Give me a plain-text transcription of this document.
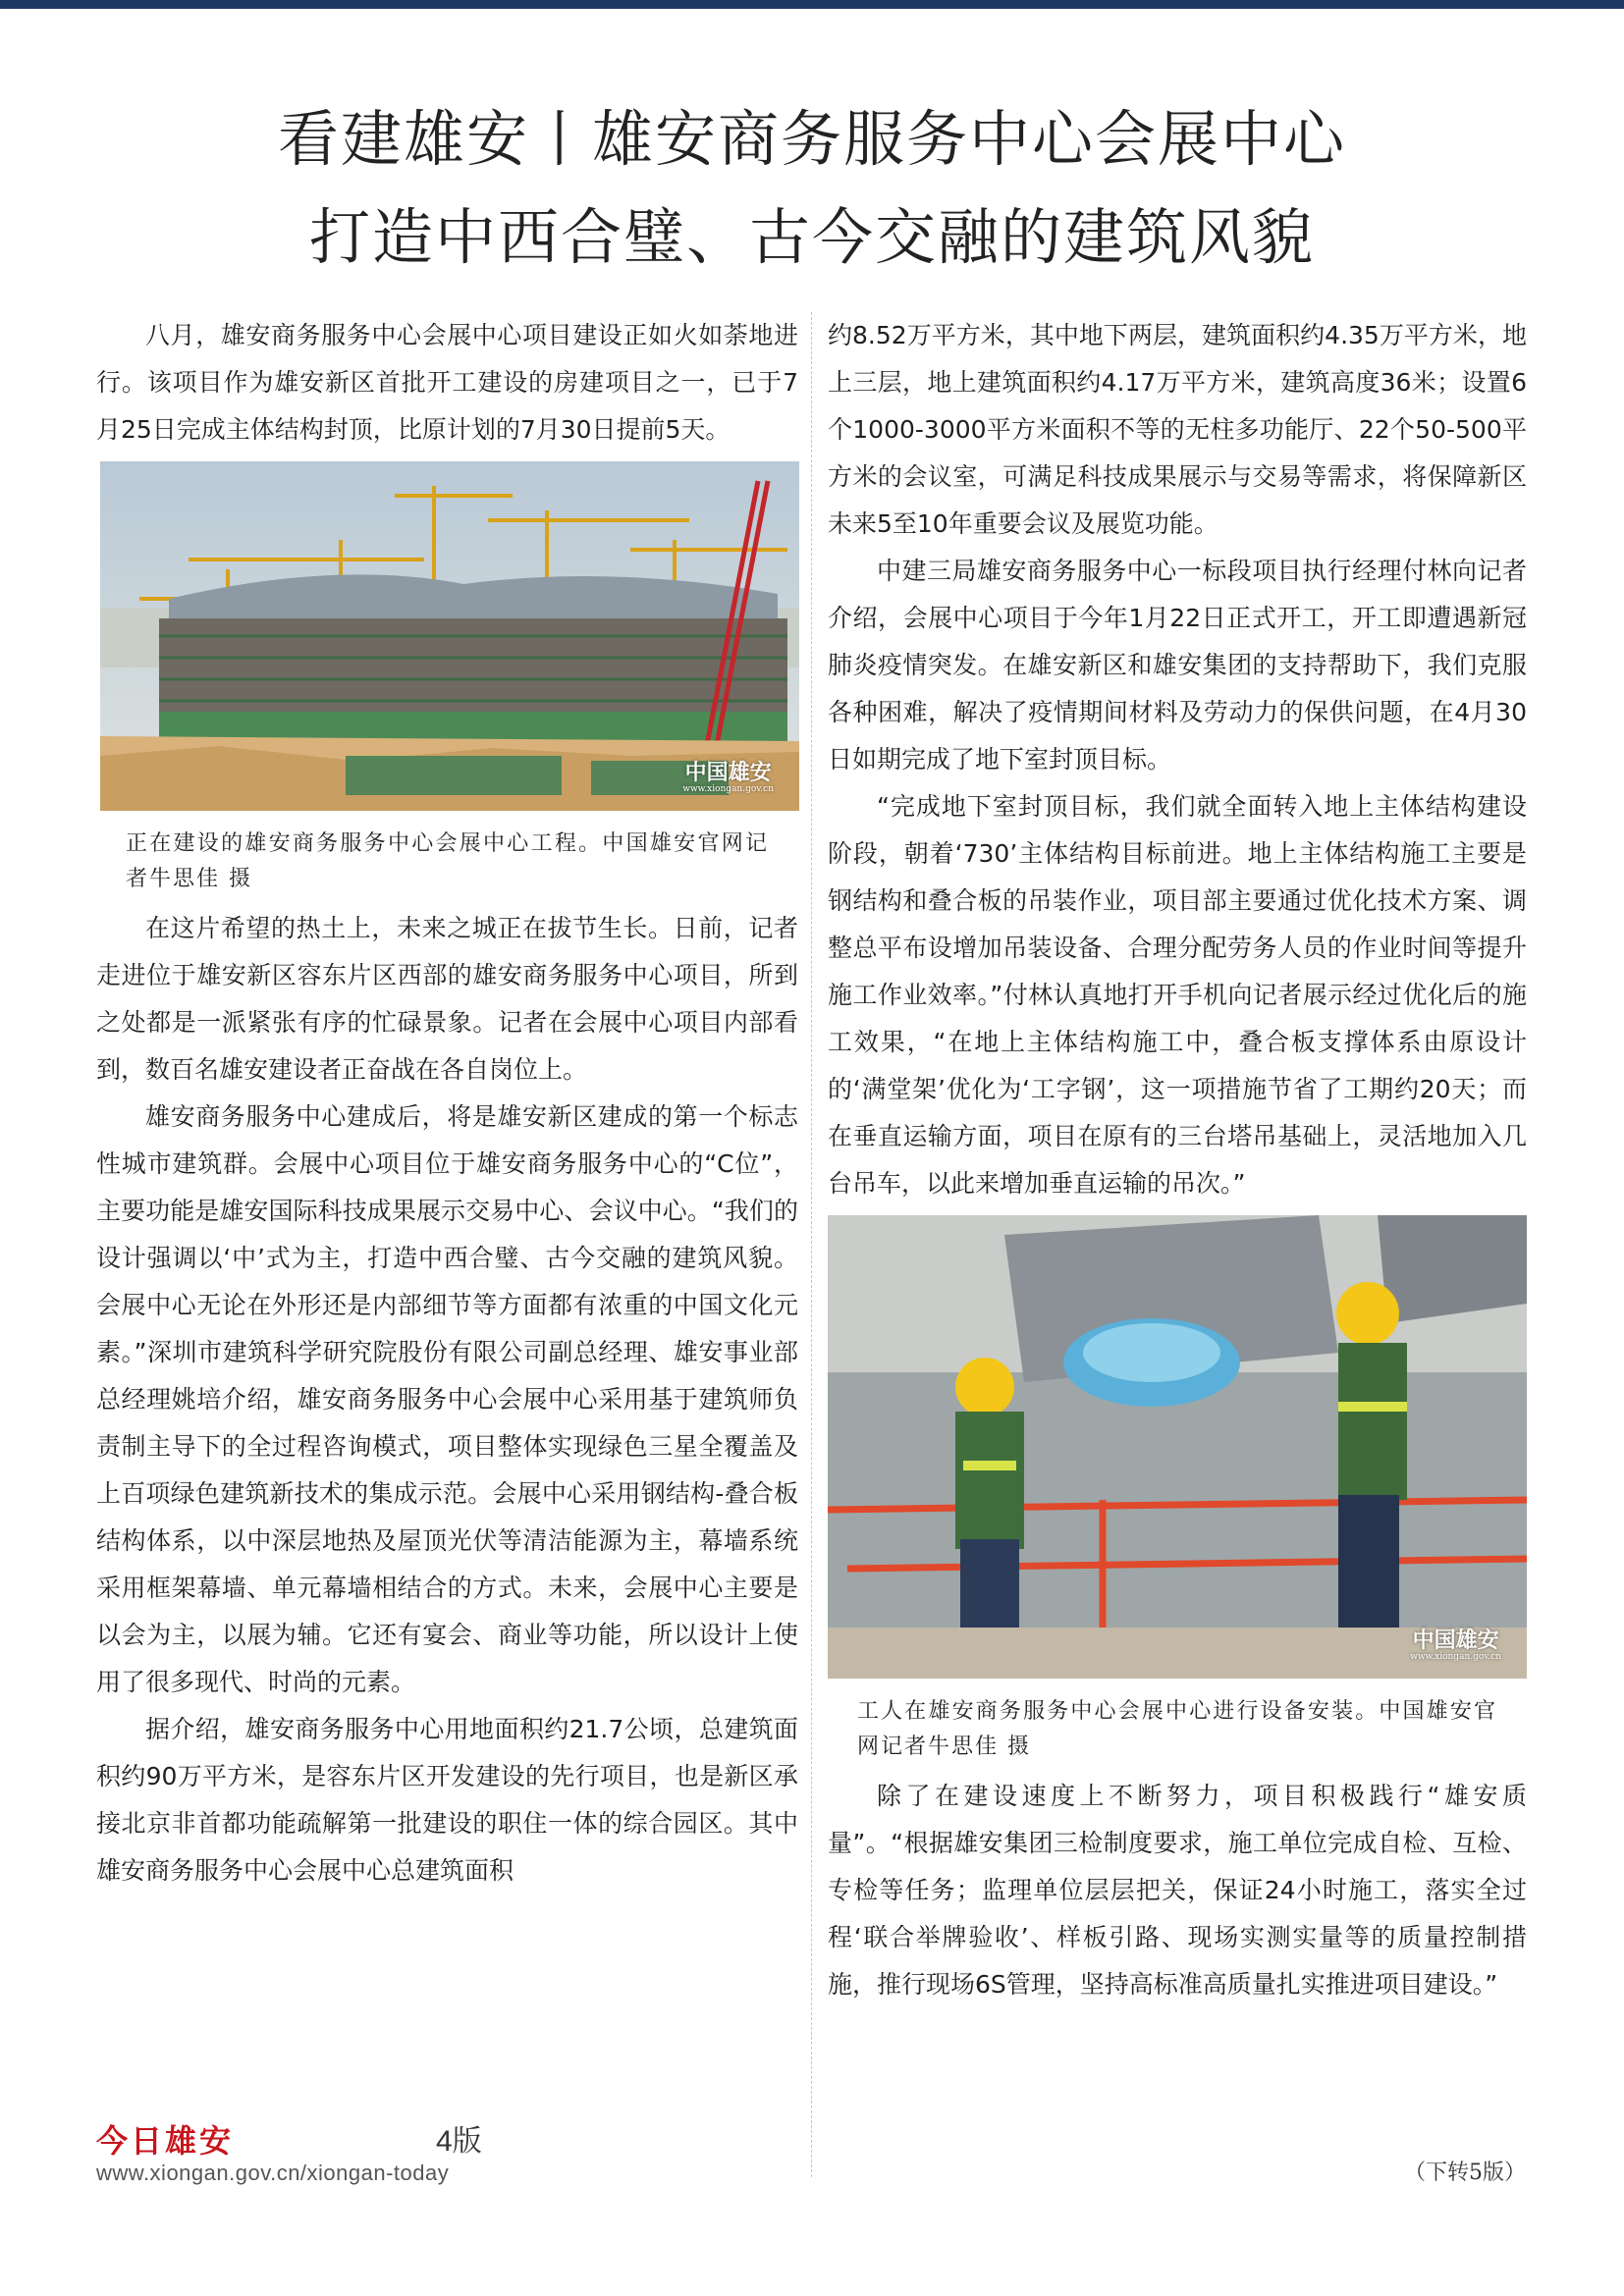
看建雄安丨雄安商务服务中心会展中心
打造中西合璧、古今交融的建筑风貌

八月，雄安商务服务中心会展中心项目建设正如火如荼地进行。该项目作为雄安新区首批开工建设的房建项目之一，已于7月25日完成主体结构封顶，比原计划的7月30日提前5天。

中国雄安
www.xiongan.gov.cn
正在建设的雄安商务服务中心会展中心工程。中国雄安官网记者牛思佳 摄

在这片希望的热土上，未来之城正在拔节生长。日前，记者走进位于雄安新区容东片区西部的雄安商务服务中心项目，所到之处都是一派紧张有序的忙碌景象。记者在会展中心项目内部看到，数百名雄安建设者正奋战在各自岗位上。

雄安商务服务中心建成后，将是雄安新区建成的第一个标志性城市建筑群。会展中心项目位于雄安商务服务中心的“C位”，主要功能是雄安国际科技成果展示交易中心、会议中心。“我们的设计强调以‘中’式为主，打造中西合璧、古今交融的建筑风貌。会展中心无论在外形还是内部细节等方面都有浓重的中国文化元素。”深圳市建筑科学研究院股份有限公司副总经理、雄安事业部总经理姚培介绍，雄安商务服务中心会展中心采用基于建筑师负责制主导下的全过程咨询模式，项目整体实现绿色三星全覆盖及上百项绿色建筑新技术的集成示范。会展中心采用钢结构-叠合板结构体系，以中深层地热及屋顶光伏等清洁能源为主，幕墙系统采用框架幕墙、单元幕墙相结合的方式。未来，会展中心主要是以会为主，以展为辅。它还有宴会、商业等功能，所以设计上使用了很多现代、时尚的元素。

据介绍，雄安商务服务中心用地面积约21.7公顷，总建筑面积约90万平方米，是容东片区开发建设的先行项目，也是新区承接北京非首都功能疏解第一批建设的职住一体的综合园区。其中雄安商务服务中心会展中心总建筑面积

约8.52万平方米，其中地下两层，建筑面积约4.35万平方米，地上三层，地上建筑面积约4.17万平方米，建筑高度36米；设置6个1000-3000平方米面积不等的无柱多功能厅、22个50-500平方米的会议室，可满足科技成果展示与交易等需求，将保障新区未来5至10年重要会议及展览功能。

中建三局雄安商务服务中心一标段项目执行经理付林向记者介绍，会展中心项目于今年1月22日正式开工，开工即遭遇新冠肺炎疫情突发。在雄安新区和雄安集团的支持帮助下，我们克服各种困难，解决了疫情期间材料及劳动力的保供问题，在4月30日如期完成了地下室封顶目标。

“完成地下室封顶目标，我们就全面转入地上主体结构建设阶段，朝着‘730’主体结构目标前进。地上主体结构施工主要是钢结构和叠合板的吊装作业，项目部主要通过优化技术方案、调整总平布设增加吊装设备、合理分配劳务人员的作业时间等提升施工作业效率。”付林认真地打开手机向记者展示经过优化后的施工效果，“在地上主体结构施工中，叠合板支撑体系由原设计的‘满堂架’优化为‘工字钢’，这一项措施节省了工期约20天；而在垂直运输方面，项目在原有的三台塔吊基础上，灵活地加入几台吊车，以此来增加垂直运输的吊次。”

中国雄安
www.xiongan.gov.cn
工人在雄安商务服务中心会展中心进行设备安装。中国雄安官网记者牛思佳 摄

除了在建设速度上不断努力，项目积极践行“雄安质量”。“根据雄安集团三检制度要求，施工单位完成自检、互检、专检等任务；监理单位层层把关，保证24小时施工，落实全过程‘联合举牌验收’、样板引路、现场实测实量等的质量控制措施，推行现场6S管理，坚持高标准高质量扎实推进项目建设。”

今日雄安	4版
www.xiongan.gov.cn/xiongan-today	（下转5版）
